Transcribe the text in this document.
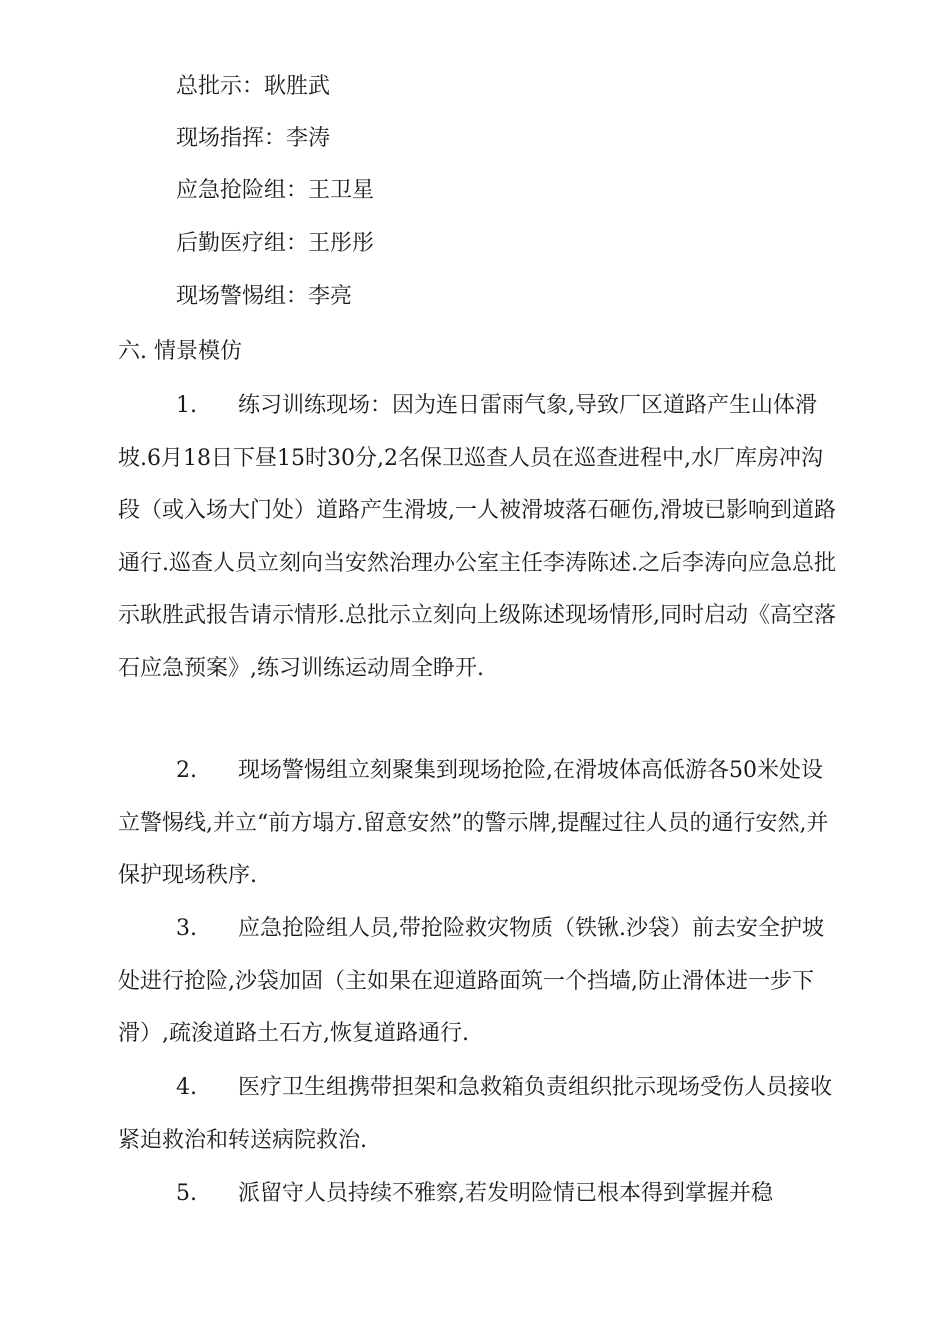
总批示：耿胜武
现场指挥：李涛
应急抢险组：王卫星
后勤医疗组：王彤彤
现场警惕组：李亮
六. 情景模仿
1. 练习训练现场：因为连日雷雨气象,导致厂区道路产生山体滑坡.6月18日下昼15时30分,2名保卫巡查人员在巡查进程中,水厂库房冲沟段（或入场大门处）道路产生滑坡,一人被滑坡落石砸伤,滑坡已影响到道路通行.巡查人员立刻向当安然治理办公室主任李涛陈述.之后李涛向应急总批示耿胜武报告请示情形.总批示立刻向上级陈述现场情形,同时启动《高空落石应急预案》,练习训练运动周全睁开.
2. 现场警惕组立刻聚集到现场抢险,在滑坡体高低游各50米处设立警惕线,并立“前方塌方.留意安然”的警示牌,提醒过往人员的通行安然,并保护现场秩序.
3. 应急抢险组人员,带抢险救灾物质（铁锹.沙袋）前去安全护坡处进行抢险,沙袋加固（主如果在迎道路面筑一个挡墙,防止滑体进一步下滑）,疏浚道路土石方,恢复道路通行.
4. 医疗卫生组携带担架和急救箱负责组织批示现场受伤人员接收紧迫救治和转送病院救治.
5. 派留守人员持续不雅察,若发明险情已根本得到掌握并稳
